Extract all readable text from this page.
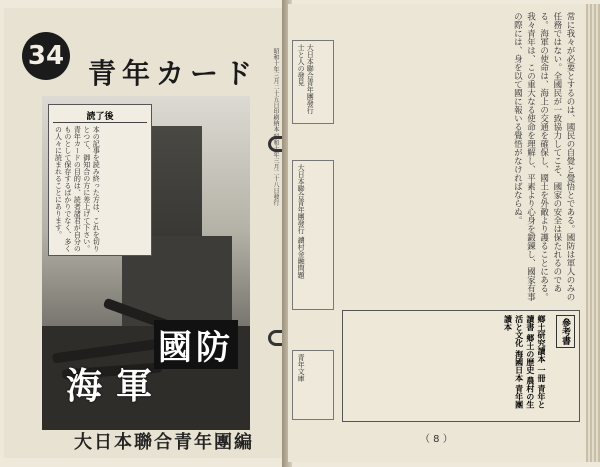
34
青年カード
読了後
本の記事を読み終った方は、これを切りとつて、御知合の方に差上げて下さい。青年カードの目的は、読者諸君が自分のものとして保存するばかりでなく、多くの人々に読まれることにあります。
國防
海軍
大日本聯合青年團編
昭和十年三月二十五日印刷納本 昭和十年三月二十八日發行	大日本聯合青年團發行 士と人の發見
大日本聯合青年團發行 讀村金融問題
青年文庫
常に我々が必要とするのは、國民の自覺と覺悟とである。國防は軍人のみの任務ではない。全國民が一致協力してこそ、國家の安全は保たれるのである。海軍の使命は、海上の交通を確保し、國土を外敵より護ることにある。我々青年は、この重大なる使命を理解し、平素より心身を鍛錬し、國家有事の際には、身を以て國に報いる覺悟がなければならぬ。
參考書
鄉土研究讀本 一冊 青年と讀書 郷土の歴史 農村の生活と文化 海國日本 青年團讀本
（ 8 ）
